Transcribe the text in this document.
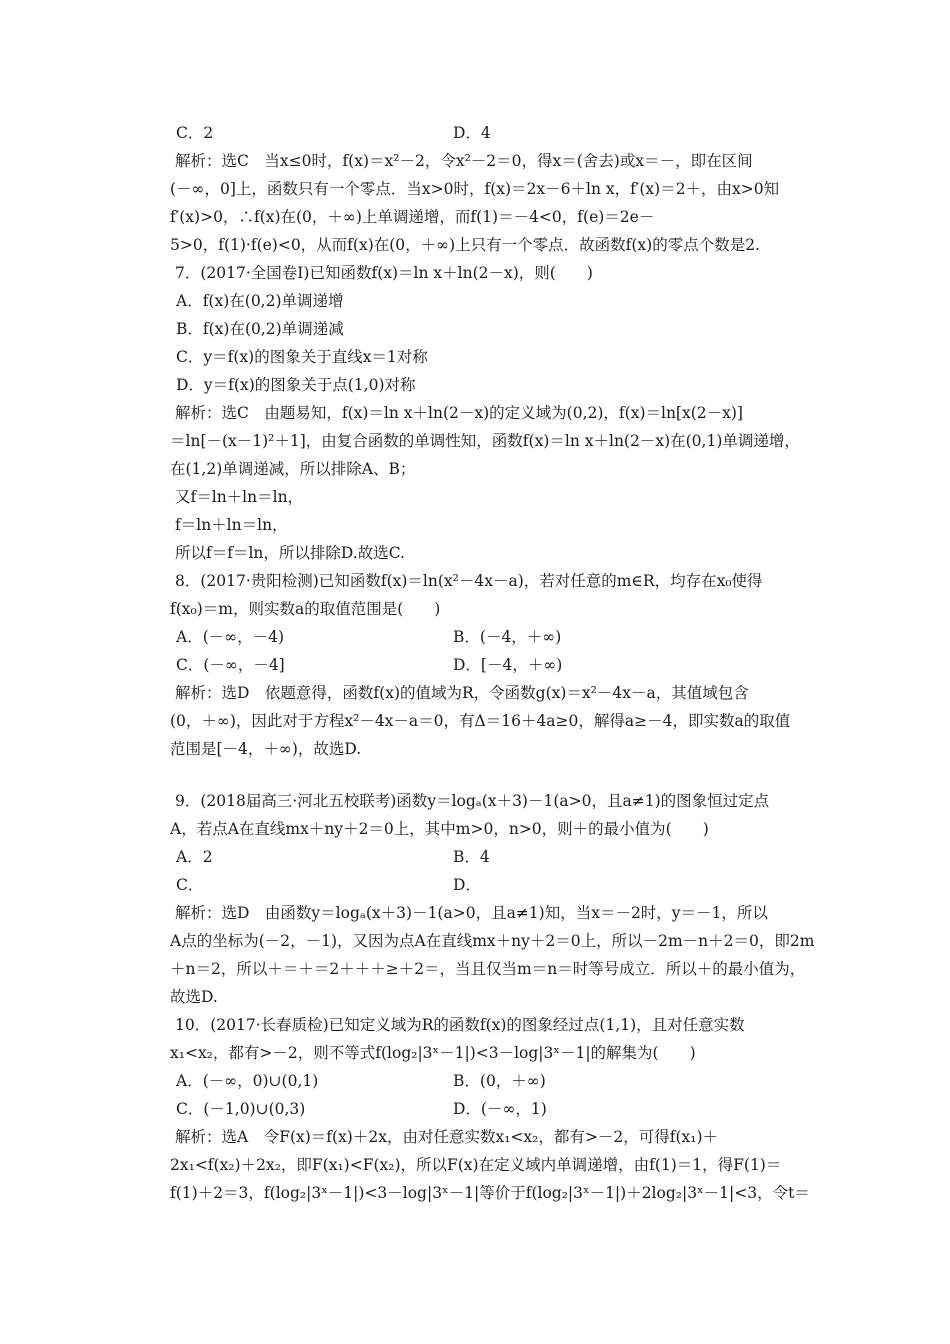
C．2	D．4
解析：选C　当x≤0时，f(x)＝x²－2，令x²－2＝0，得x＝(舍去)或x＝－，即在区间
(－∞，0]上，函数只有一个零点．当x>0时，f(x)＝2x－6＋ln x，f′(x)＝2＋，由x>0知
f′(x)>0，∴f(x)在(0，＋∞)上单调递增，而f(1)＝－4<0，f(e)＝2e－
5>0，f(1)·f(e)<0，从而f(x)在(0，＋∞)上只有一个零点．故函数f(x)的零点个数是2.
7．(2017·全国卷Ⅰ)已知函数f(x)＝ln x＋ln(2－x)，则(　　)
A．f(x)在(0,2)单调递增
B．f(x)在(0,2)单调递减
C．y＝f(x)的图象关于直线x＝1对称
D．y＝f(x)的图象关于点(1,0)对称
解析：选C　由题易知，f(x)＝ln x＋ln(2－x)的定义域为(0,2)，f(x)＝ln[x(2－x)]
＝ln[－(x－1)²＋1]，由复合函数的单调性知，函数f(x)＝ln x＋ln(2－x)在(0,1)单调递增，
在(1,2)单调递减，所以排除A、B；
又f＝ln＋ln＝ln，
f＝ln＋ln＝ln，
所以f＝f＝ln，所以排除D.故选C.
8．(2017·贵阳检测)已知函数f(x)＝ln(x²－4x－a)，若对任意的m∈R，均存在x₀使得
f(x₀)＝m，则实数a的取值范围是(　　)
A．(－∞，－4)	B．(－4，＋∞)
C．(－∞，－4]	D．[－4，＋∞)
解析：选D　依题意得，函数f(x)的值域为R，令函数g(x)＝x²－4x－a，其值域包含
(0，＋∞)，因此对于方程x²－4x－a＝0，有Δ＝16＋4a≥0，解得a≥－4，即实数a的取值
范围是[－4，＋∞)，故选D.
9．(2018届高三·河北五校联考)函数y＝logₐ(x＋3)－1(a>0，且a≠1)的图象恒过定点
A，若点A在直线mx＋ny＋2＝0上，其中m>0，n>0，则＋的最小值为(　　)
A．2	B．4
C．	D．
解析：选D　由函数y＝logₐ(x＋3)－1(a>0，且a≠1)知，当x＝－2时，y＝－1，所以
A点的坐标为(－2，－1)，又因为点A在直线mx＋ny＋2＝0上，所以－2m－n＋2＝0，即2m
＋n＝2，所以＋＝＋＝2＋＋＋≥＋2＝，当且仅当m＝n＝时等号成立．所以＋的最小值为，
故选D.
10．(2017·长春质检)已知定义域为R的函数f(x)的图象经过点(1,1)，且对任意实数
x₁<x₂，都有>－2，则不等式f(log₂|3ˣ－1|)<3－log|3ˣ－1|的解集为(　　)
A．(－∞，0)∪(0,1)	B．(0，＋∞)
C．(－1,0)∪(0,3)	D．(－∞，1)
解析：选A　令F(x)＝f(x)＋2x，由对任意实数x₁<x₂，都有>－2，可得f(x₁)＋
2x₁<f(x₂)＋2x₂，即F(x₁)<F(x₂)，所以F(x)在定义域内单调递增，由f(1)＝1，得F(1)＝
f(1)＋2＝3，f(log₂|3ˣ－1|)<3－log|3ˣ－1|等价于f(log₂|3ˣ－1|)＋2log₂|3ˣ－1|<3，令t＝
